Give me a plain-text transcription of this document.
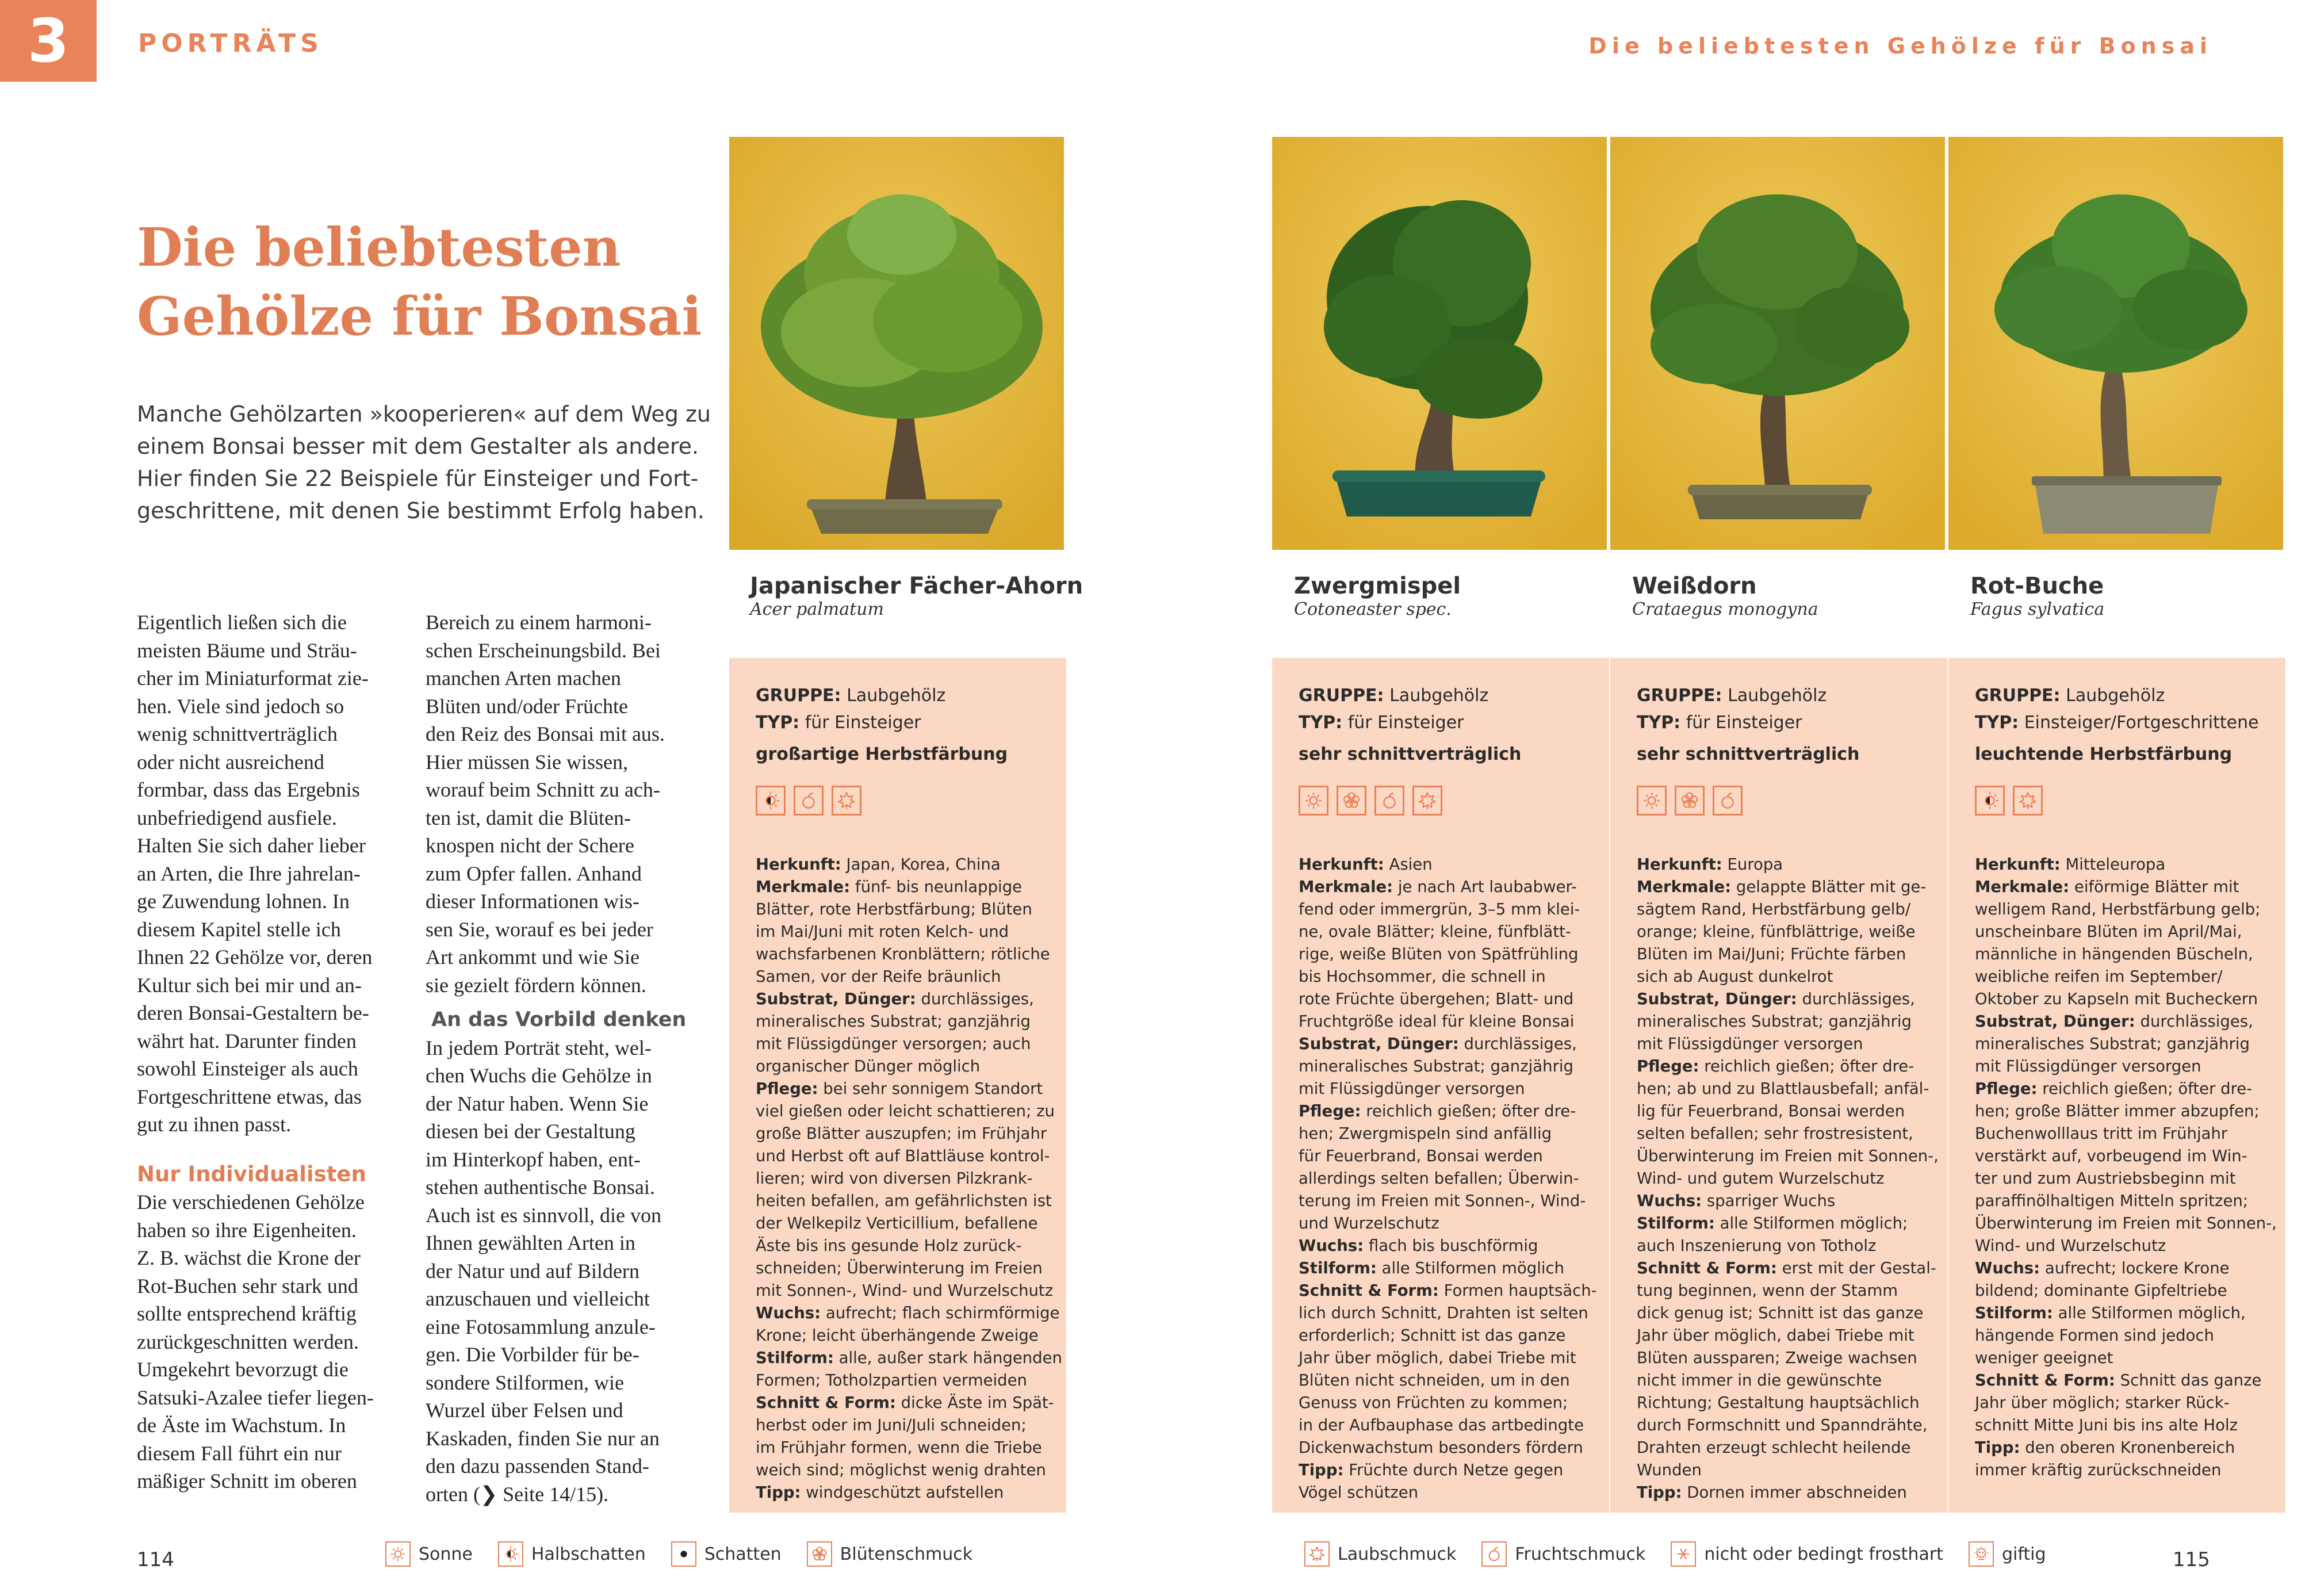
3	PORTRÄTS	Die beliebtesten Gehölze für Bonsai
Die beliebtesten
Gehölze für Bonsai
Manche Gehölzarten »kooperieren« auf dem Weg zu
einem Bonsai besser mit dem Gestalter als andere.
Hier finden Sie 22 Beispiele für Einsteiger und Fort-
geschrittene, mit denen Sie bestimmt Erfolg haben.
Eigentlich ließen sich die
meisten Bäume und Sträu-
cher im Miniaturformat zie-
hen. Viele sind jedoch so
wenig schnittverträglich
oder nicht ausreichend
formbar, dass das Ergebnis
unbefriedigend ausfiele.
Halten Sie sich daher lieber
an Arten, die Ihre jahrelan-
ge Zuwendung lohnen. In
diesem Kapitel stelle ich
Ihnen 22 Gehölze vor, deren
Kultur sich bei mir und an-
deren Bonsai-Gestaltern be-
währt hat. Darunter finden
sowohl Einsteiger als auch
Fortgeschrittene etwas, das
gut zu ihnen passt.
Nur Individualisten
Die verschiedenen Gehölze
haben so ihre Eigenheiten.
Z. B. wächst die Krone der
Rot-Buchen sehr stark und
sollte entsprechend kräftig
zurückgeschnitten werden.
Umgekehrt bevorzugt die
Satsuki-Azalee tiefer liegen-
de Äste im Wachstum. In
diesem Fall führt ein nur
mäßiger Schnitt im oberen
Bereich zu einem harmoni-
schen Erscheinungsbild. Bei
manchen Arten machen
Blüten und/oder Früchte
den Reiz des Bonsai mit aus.
Hier müssen Sie wissen,
worauf beim Schnitt zu ach-
ten ist, damit die Blüten-
knospen nicht der Schere
zum Opfer fallen. Anhand
dieser Informationen wis-
sen Sie, worauf es bei jeder
Art ankommt und wie Sie
sie gezielt fördern können.
An das Vorbild denken
In jedem Porträt steht, wel-
chen Wuchs die Gehölze in
der Natur haben. Wenn Sie
diesen bei der Gestaltung
im Hinterkopf haben, ent-
stehen authentische Bonsai.
Auch ist es sinnvoll, die von
Ihnen gewählten Arten in
der Natur und auf Bildern
anzuschauen und vielleicht
eine Fotosammlung anzule-
gen. Die Vorbilder für be-
sondere Stilformen, wie
Wurzel über Felsen und
Kaskaden, finden Sie nur an
den dazu passenden Stand-
orten (❯ Seite 14/15).
Japanischer Fächer-Ahorn
Acer palmatum
Zwergmispel
Cotoneaster spec.
Weißdorn
Crataegus monogyna
Rot-Buche
Fagus sylvatica
GRUPPE: Laubgehölz
TYP: für Einsteiger
großartige Herbstfärbung
Herkunft: Japan, Korea, China
Merkmale: fünf- bis neunlappige
Blätter, rote Herbstfärbung; Blüten
im Mai/Juni mit roten Kelch- und
wachsfarbenen Kronblättern; rötliche
Samen, vor der Reife bräunlich
Substrat, Dünger: durchlässiges,
mineralisches Substrat; ganzjährig
mit Flüssigdünger versorgen; auch
organischer Dünger möglich
Pflege: bei sehr sonnigem Standort
viel gießen oder leicht schattieren; zu
große Blätter auszupfen; im Frühjahr
und Herbst oft auf Blattläuse kontrol-
lieren; wird von diversen Pilzkrank-
heiten befallen, am gefährlichsten ist
der Welkepilz Verticillium, befallene
Äste bis ins gesunde Holz zurück-
schneiden; Überwinterung im Freien
mit Sonnen-, Wind- und Wurzelschutz
Wuchs: aufrecht; flach schirmförmige
Krone; leicht überhängende Zweige
Stilform: alle, außer stark hängenden
Formen; Totholzpartien vermeiden
Schnitt & Form: dicke Äste im Spät-
herbst oder im Juni/Juli schneiden;
im Frühjahr formen, wenn die Triebe
weich sind; möglichst wenig drahten
Tipp: windgeschützt aufstellen
GRUPPE: Laubgehölz
TYP: für Einsteiger
sehr schnittverträglich
Herkunft: Asien
Merkmale: je nach Art laubabwer-
fend oder immergrün, 3–5 mm klei-
ne, ovale Blätter; kleine, fünfblätt-
rige, weiße Blüten von Spätfrühling
bis Hochsommer, die schnell in
rote Früchte übergehen; Blatt- und
Fruchtgröße ideal für kleine Bonsai
Substrat, Dünger: durchlässiges,
mineralisches Substrat; ganzjährig
mit Flüssigdünger versorgen
Pflege: reichlich gießen; öfter dre-
hen; Zwergmispeln sind anfällig
für Feuerbrand, Bonsai werden
allerdings selten befallen; Überwin-
terung im Freien mit Sonnen-, Wind-
und Wurzelschutz
Wuchs: flach bis buschförmig
Stilform: alle Stilformen möglich
Schnitt & Form: Formen hauptsäch-
lich durch Schnitt, Drahten ist selten
erforderlich; Schnitt ist das ganze
Jahr über möglich, dabei Triebe mit
Blüten nicht schneiden, um in den
Genuss von Früchten zu kommen;
in der Aufbauphase das artbedingte
Dickenwachstum besonders fördern
Tipp: Früchte durch Netze gegen
Vögel schützen
GRUPPE: Laubgehölz
TYP: für Einsteiger
sehr schnittverträglich
Herkunft: Europa
Merkmale: gelappte Blätter mit ge-
sägtem Rand, Herbstfärbung gelb/
orange; kleine, fünfblättrige, weiße
Blüten im Mai/Juni; Früchte färben
sich ab August dunkelrot
Substrat, Dünger: durchlässiges,
mineralisches Substrat; ganzjährig
mit Flüssigdünger versorgen
Pflege: reichlich gießen; öfter dre-
hen; ab und zu Blattlausbefall; anfäl-
lig für Feuerbrand, Bonsai werden
selten befallen; sehr frostresistent,
Überwinterung im Freien mit Sonnen-,
Wind- und gutem Wurzelschutz
Wuchs: sparriger Wuchs
Stilform: alle Stilformen möglich;
auch Inszenierung von Totholz
Schnitt & Form: erst mit der Gestal-
tung beginnen, wenn der Stamm
dick genug ist; Schnitt ist das ganze
Jahr über möglich, dabei Triebe mit
Blüten aussparen; Zweige wachsen
nicht immer in die gewünschte
Richtung; Gestaltung hauptsächlich
durch Formschnitt und Spanndrähte,
Drahten erzeugt schlecht heilende
Wunden
Tipp: Dornen immer abschneiden
GRUPPE: Laubgehölz
TYP: Einsteiger/Fortgeschrittene
leuchtende Herbstfärbung
Herkunft: Mitteleuropa
Merkmale: eiförmige Blätter mit
welligem Rand, Herbstfärbung gelb;
unscheinbare Blüten im April/Mai,
männliche in hängenden Büscheln,
weibliche reifen im September/
Oktober zu Kapseln mit Bucheckern
Substrat, Dünger: durchlässiges,
mineralisches Substrat; ganzjährig
mit Flüssigdünger versorgen
Pflege: reichlich gießen; öfter dre-
hen; große Blätter immer abzupfen;
Buchenwolllaus tritt im Frühjahr
verstärkt auf, vorbeugend im Win-
ter und zum Austriebsbeginn mit
paraffinölhaltigen Mitteln spritzen;
Überwinterung im Freien mit Sonnen-,
Wind- und Wurzelschutz
Wuchs: aufrecht; lockere Krone
bildend; dominante Gipfeltriebe
Stilform: alle Stilformen möglich,
hängende Formen sind jedoch
weniger geeignet
Schnitt & Form: Schnitt das ganze
Jahr über möglich; starker Rück-
schnitt Mitte Juni bis ins alte Holz
Tipp: den oberen Kronenbereich
immer kräftig zurückschneiden
114	115
Sonne	Halbschatten	Schatten	Blütenschmuck	Laubschmuck	Fruchtschmuck	nicht oder bedingt frosthart	giftig
